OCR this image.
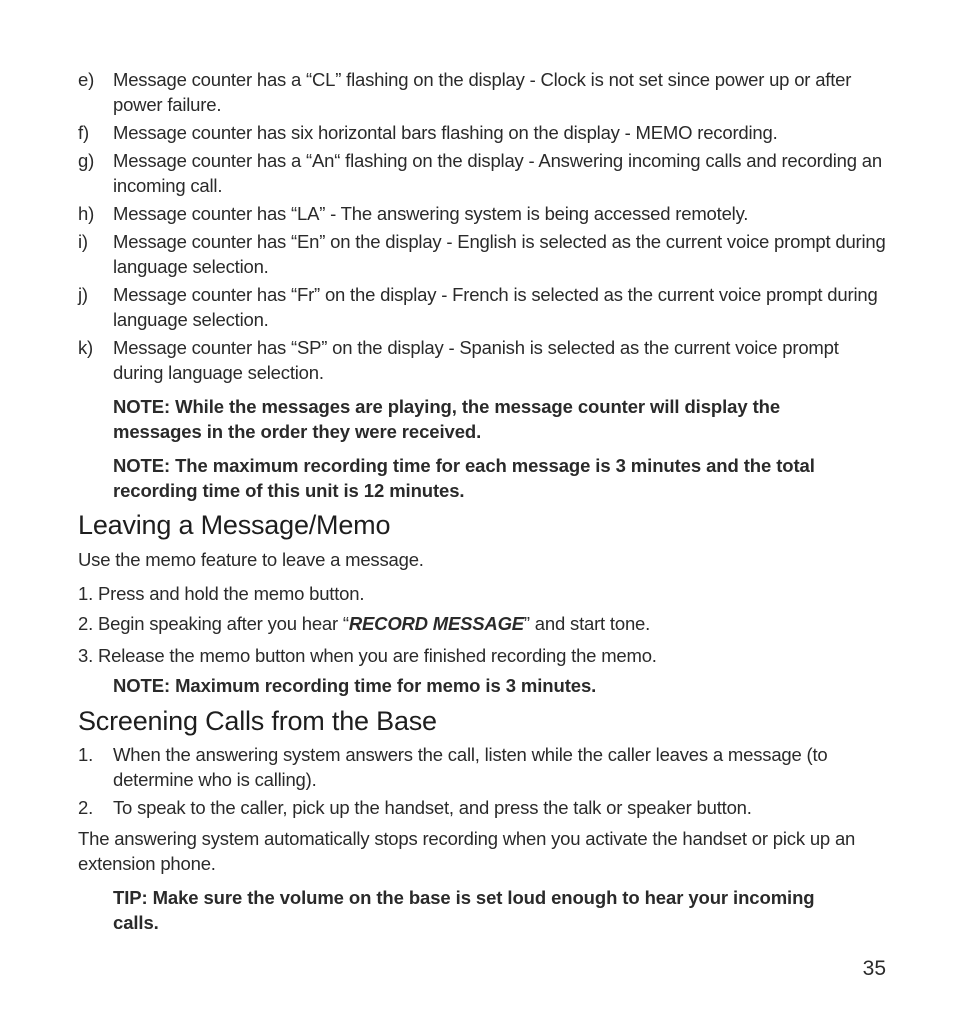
e)	Message counter has a “CL” flashing on the display - Clock is not set since power up or after power failure.
f)	Message counter has six horizontal bars flashing on the display - MEMO recording.
g)	Message counter has a “An“ flashing on the display - Answering incoming calls and recording an incoming call.
h)	Message counter has “LA” - The answering system is being accessed remotely.
i)	Message counter has “En” on the display - English is selected as the current voice prompt during language selection.
j)	Message counter has “Fr” on the display - French is selected as the current voice prompt during language selection.
k)	Message counter has “SP” on the display - Spanish is selected as the current voice prompt during language selection.
NOTE: While the messages are playing, the message counter will display the messages in the order they were received.
NOTE: The maximum recording time for each message is 3 minutes and the total recording time of this unit is 12 minutes.
Leaving a Message/Memo
Use the memo feature to leave a message.
1. Press and hold the memo button.
2. Begin speaking after you hear “RECORD MESSAGE” and start tone.
3. Release the memo button when you are finished recording the memo.
NOTE: Maximum recording time for memo is 3 minutes.
Screening Calls from the Base
1.	When the answering system answers the call, listen while the caller leaves a message (to determine who is calling).
2.	To speak to the caller, pick up the handset, and press the talk or speaker button.
The answering system automatically stops recording when you activate the handset or pick up an extension phone.
TIP: Make sure the volume on the base is set loud enough to hear your incoming calls.
35
